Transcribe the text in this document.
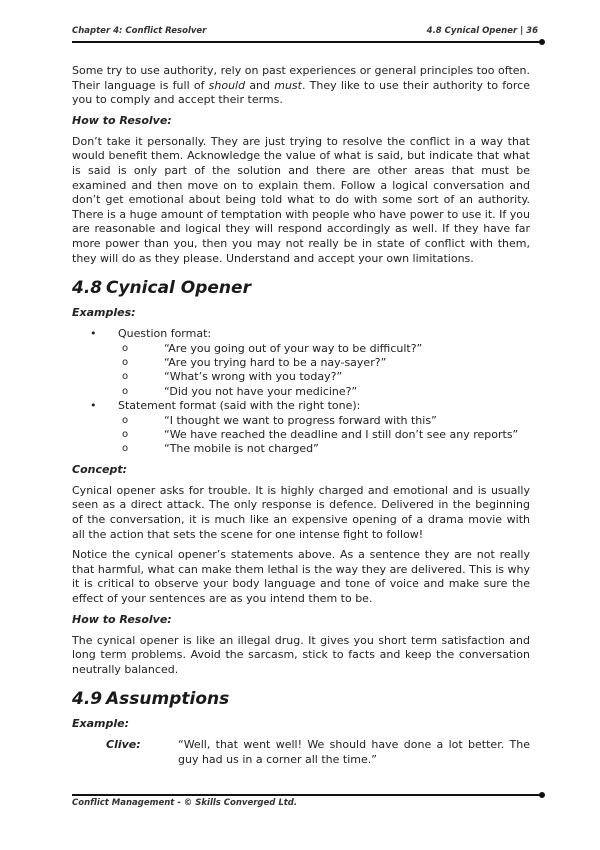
Chapter 4: Conflict Resolver	4.8 Cynical Opener | 36

Some try to use authority, rely on past experiences or general principles too often. Their language is full of should and must. They like to use their authority to force you to comply and accept their terms.

How to Resolve:

Don’t take it personally. They are just trying to resolve the conflict in a way that would benefit them. Acknowledge the value of what is said, but indicate that what is said is only part of the solution and there are other areas that must be examined and then move on to explain them. Follow a logical conversation and don’t get emotional about being told what to do with some sort of an authority. There is a huge amount of temptation with people who have power to use it. If you are reasonable and logical they will respond accordingly as well. If they have far more power than you, then you may not really be in state of conflict with them, they will do as they please. Understand and accept your own limitations.

4.8 Cynical Opener
Examples:
• Question format:
o “Are you going out of your way to be difficult?”
o “Are you trying hard to be a nay-sayer?”
o “What’s wrong with you today?”
o “Did you not have your medicine?”
• Statement format (said with the right tone):
o “I thought we want to progress forward with this”
o “We have reached the deadline and I still don’t see any reports”
o “The mobile is not charged”
Concept:

Cynical opener asks for trouble. It is highly charged and emotional and is usually seen as a direct attack. The only response is defence. Delivered in the beginning of the conversation, it is much like an expensive opening of a drama movie with all the action that sets the scene for one intense fight to follow!

Notice the cynical opener’s statements above. As a sentence they are not really that harmful, what can make them lethal is the way they are delivered. This is why it is critical to observe your body language and tone of voice and make sure the effect of your sentences are as you intend them to be.

How to Resolve:

The cynical opener is like an illegal drug. It gives you short term satisfaction and long term problems. Avoid the sarcasm, stick to facts and keep the conversation neutrally balanced.

4.9 Assumptions
Example:
Clive:	“Well, that went well! We should have done a lot better. The guy had us in a corner all the time.”
Conflict Management - © Skills Converged Ltd.
